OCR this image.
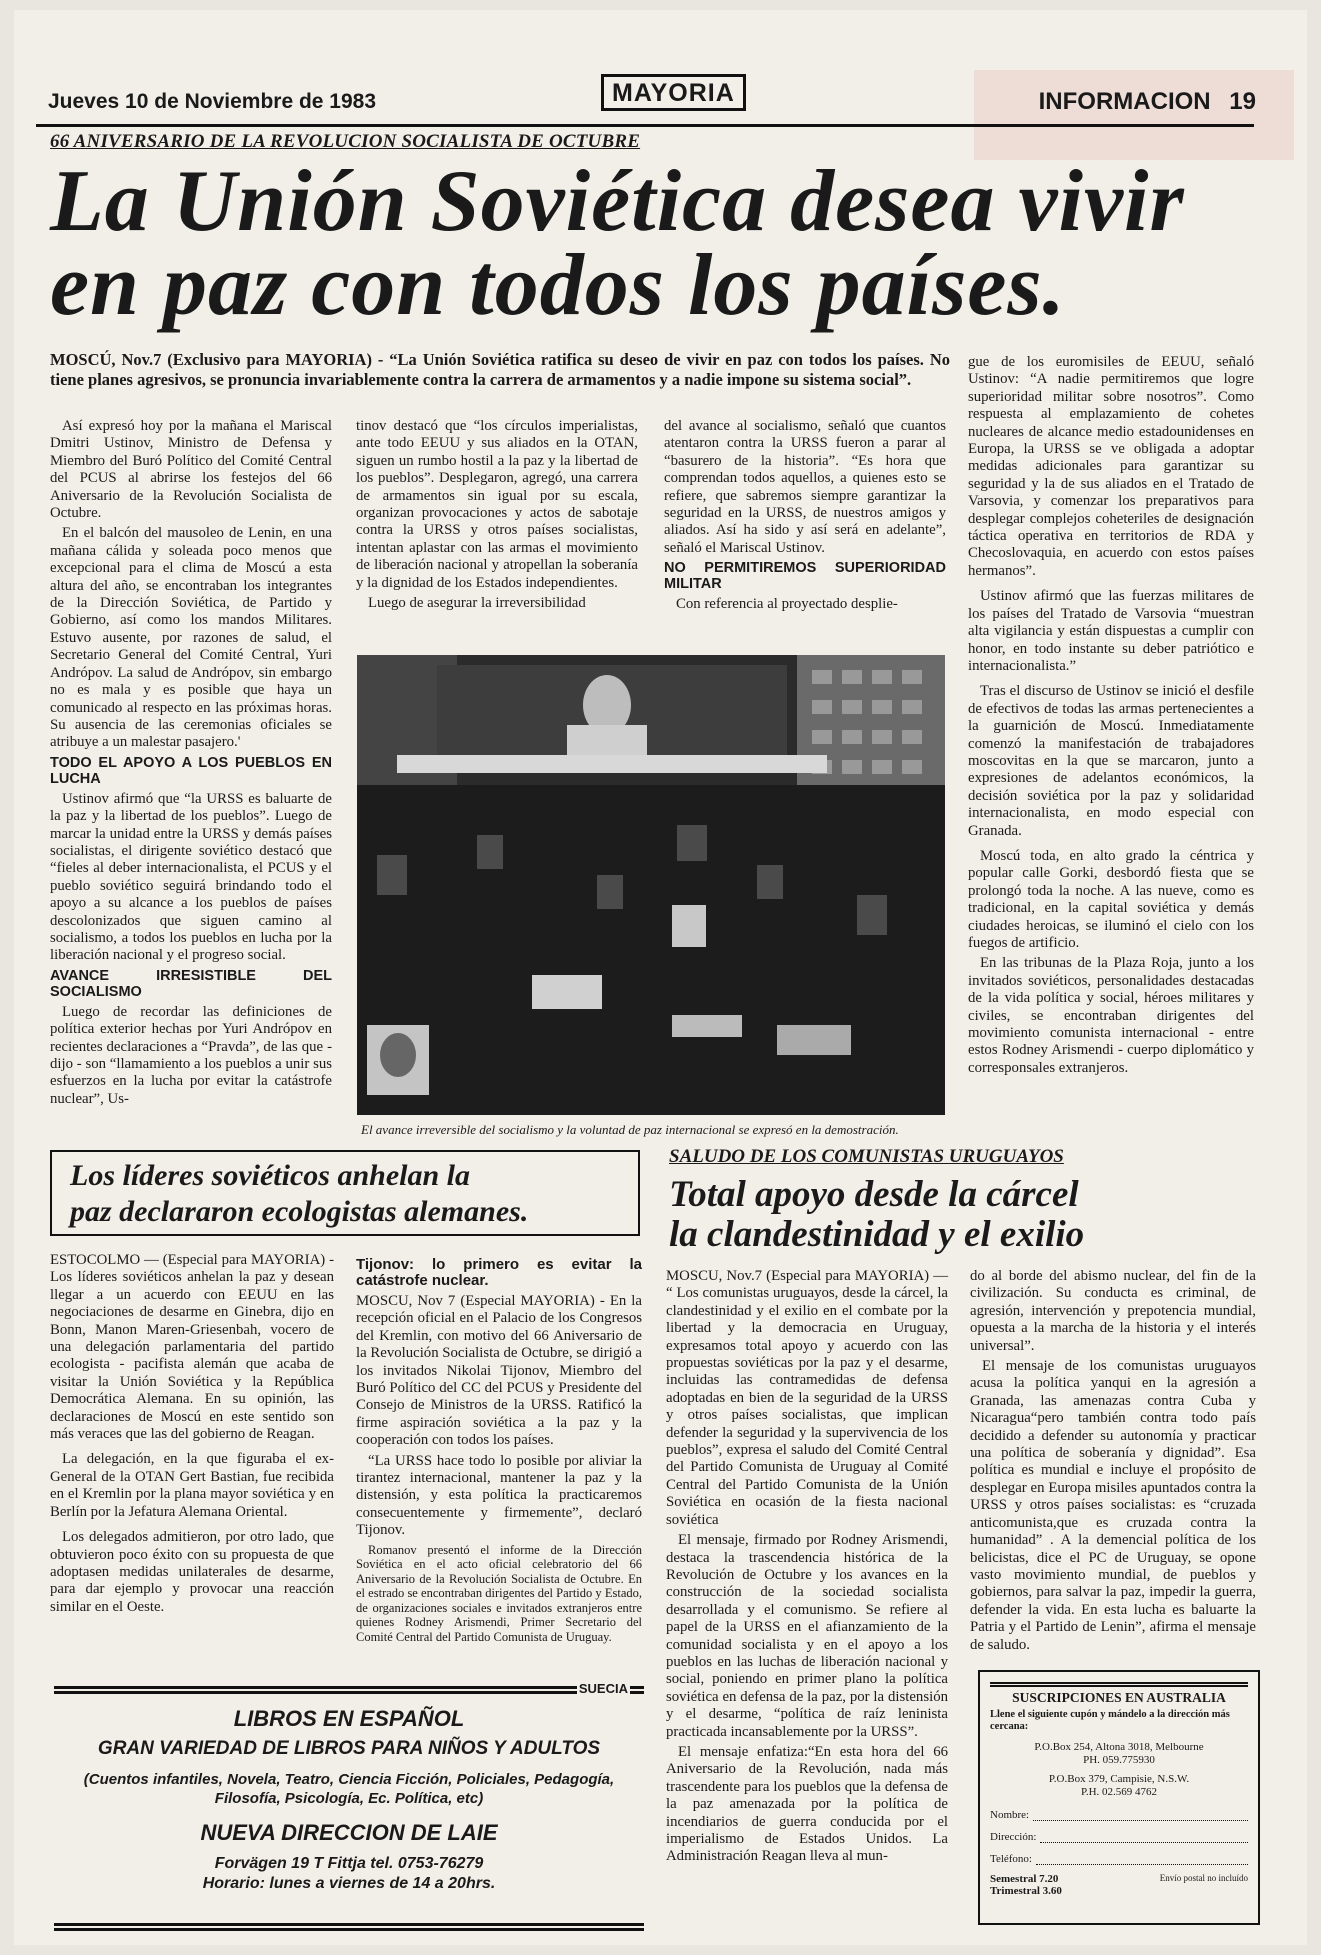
Jueves 10 de Noviembre de 1983	MAYORIA	INFORMACION 19
66 ANIVERSARIO DE LA REVOLUCION SOCIALISTA DE OCTUBRE
La Unión Soviética desea vivir
en paz con todos los países.
MOSCÚ, Nov.7 (Exclusivo para MAYORIA) - “La Unión Soviética ratifica su deseo de vivir en paz con todos los países. No tiene planes agresivos, se pronuncia invariablemente contra la carrera de armamentos y a nadie impone su sistema social”.

Así expresó hoy por la mañana el Mariscal Dmitri Ustinov, Ministro de Defensa y Miembro del Buró Político del Comité Central del PCUS al abrirse los festejos del 66 Aniversario de la Revolución Socialista de Octubre.

En el balcón del mausoleo de Lenin, en una mañana cálida y soleada poco menos que excepcional para el clima de Moscú a esta altura del año, se encontraban los integrantes de la Dirección Soviética, de Partido y Gobierno, así como los mandos Militares. Estuvo ausente, por razones de salud, el Secretario General del Comité Central, Yuri Andrópov. La salud de Andrópov, sin embargo no es mala y es posible que haya un comunicado al respecto en las próximas horas. Su ausencia de las ceremonias oficiales se atribuye a un malestar pasajero.'

TODO EL APOYO A LOS PUEBLOS EN LUCHA

Ustinov afirmó que “la URSS es baluarte de la paz y la libertad de los pueblos”. Luego de marcar la unidad entre la URSS y demás países socialistas, el dirigente soviético destacó que “fieles al deber internacionalista, el PCUS y el pueblo soviético seguirá brindando todo el apoyo a su alcance a los pueblos de países descolonizados que siguen camino al socialismo, a todos los pueblos en lucha por la liberación nacional y el progreso social.

AVANCE IRRESISTIBLE DEL SOCIALISMO

Luego de recordar las definiciones de política exterior hechas por Yuri Andrópov en recientes declaraciones a “Pravda”, de las que - dijo - son “llamamiento a los pueblos a unir sus esfuerzos en la lucha por evitar la catástrofe nuclear”, Us-

tinov destacó que “los círculos imperialistas, ante todo EEUU y sus aliados en la OTAN, siguen un rumbo hostil a la paz y la libertad de los pueblos”. Desplegaron, agregó, una carrera de armamentos sin igual por su escala, organizan provocaciones y actos de sabotaje contra la URSS y otros países socialistas, intentan aplastar con las armas el movimiento de liberación nacional y atropellan la soberanía y la dignidad de los Estados independientes.

Luego de asegurar la irreversibilidad

del avance al socialismo, señaló que cuantos atentaron contra la URSS fueron a parar al “basurero de la historia”. “Es hora que comprendan todos aquellos, a quienes esto se refiere, que sabremos siempre garantizar la seguridad en la URSS, de nuestros amigos y aliados. Así ha sido y así será en adelante”, señaló el Mariscal Ustinov.

NO PERMITIREMOS SUPERIORIDAD MILITAR

Con referencia al proyectado desplie-

gue de los euromisiles de EEUU, señaló Ustinov: “A nadie permitiremos que logre superioridad militar sobre nosotros”. Como respuesta al emplazamiento de cohetes nucleares de alcance medio estadounidenses en Europa, la URSS se ve obligada a adoptar medidas adicionales para garantizar su seguridad y la de sus aliados en el Tratado de Varsovia, y comenzar los preparativos para desplegar complejos coheteriles de designación táctica operativa en territorios de RDA y Checoslovaquia, en acuerdo con estos países hermanos”.

Ustinov afirmó que las fuerzas militares de los países del Tratado de Varsovia “muestran alta vigilancia y están dispuestas a cumplir con honor, en todo instante su deber patriótico e internacionalista.”

Tras el discurso de Ustinov se inició el desfile de efectivos de todas las armas pertenecientes a la guarnición de Moscú. Inmediatamente comenzó la manifestación de trabajadores moscovitas en la que se marcaron, junto a expresiones de adelantos económicos, la decisión soviética por la paz y solidaridad internacionalista, en modo especial con Granada.

Moscú toda, en alto grado la céntrica y popular calle Gorki, desbordó fiesta que se prolongó toda la noche. A las nueve, como es tradicional, en la capital soviética y demás ciudades heroicas, se iluminó el cielo con los fuegos de artificio.

En las tribunas de la Plaza Roja, junto a los invitados soviéticos, personalidades destacadas de la vida política y social, héroes militares y civiles, se encontraban dirigentes del movimiento comunista internacional - entre estos Rodney Arismendi - cuerpo diplomático y corresponsales extranjeros.

El avance irreversible del socialismo y la voluntad de paz internacional se expresó en la demostración.
Los líderes soviéticos anhelan la
paz declararon ecologistas alemanes.

ESTOCOLMO — (Especial para MAYORIA) - Los líderes soviéticos anhelan la paz y desean llegar a un acuerdo con EEUU en las negociaciones de desarme en Ginebra, dijo en Bonn, Manon Maren-Griesenbah, vocero de una delegación parlamentaria del partido ecologista - pacifista alemán que acaba de visitar la Unión Soviética y la República Democrática Alemana. En su opinión, las declaraciones de Moscú en este sentido son más veraces que las del gobierno de Reagan.

La delegación, en la que figuraba el ex-General de la OTAN Gert Bastian, fue recibida en el Kremlin por la plana mayor soviética y en Berlín por la Jefatura Alemana Oriental.

Los delegados admitieron, por otro lado, que obtuvieron poco éxito con su propuesta de que adoptasen medidas unilaterales de desarme, para dar ejemplo y provocar una reacción similar en el Oeste.

Tijonov: lo primero es evitar la catástrofe nuclear.

MOSCU, Nov 7 (Especial MAYORIA) - En la recepción oficial en el Palacio de los Congresos del Kremlin, con motivo del 66 Aniversario de la Revolución Socialista de Octubre, se dirigió a los invitados Nikolai Tijonov, Miembro del Buró Político del CC del PCUS y Presidente del Consejo de Ministros de la URSS. Ratificó la firme aspiración soviética a la paz y la cooperación con todos los países.

“La URSS hace todo lo posible por aliviar la tirantez internacional, mantener la paz y la distensión, y esta política la practicaremos consecuentemente y firmemente”, declaró Tijonov.

Romanov presentó el informe de la Dirección Soviética en el acto oficial celebratorio del 66 Aniversario de la Revolución Socialista de Octubre. En el estrado se encontraban dirigentes del Partido y Estado, de organizaciones sociales e invitados extranjeros entre quienes Rodney Arismendi, Primer Secretario del Comité Central del Partido Comunista de Uruguay.

SALUDO DE LOS COMUNISTAS URUGUAYOS
Total apoyo desde la cárcel
la clandestinidad y el exilio

MOSCU, Nov.7 (Especial para MAYORIA) — “ Los comunistas uruguayos, desde la cárcel, la clandestinidad y el exilio en el combate por la libertad y la democracia en Uruguay, expresamos total apoyo y acuerdo con las propuestas soviéticas por la paz y el desarme, incluidas las contramedidas de defensa adoptadas en bien de la seguridad de la URSS y otros países socialistas, que implican defender la seguridad y la supervivencia de los pueblos”, expresa el saludo del Comité Central del Partido Comunista de Uruguay al Comité Central del Partido Comunista de la Unión Soviética en ocasión de la fiesta nacional soviética

El mensaje, firmado por Rodney Arismendi, destaca la trascendencia histórica de la Revolución de Octubre y los avances en la construcción de la sociedad socialista desarrollada y el comunismo. Se refiere al papel de la URSS en el afianzamiento de la comunidad socialista y en el apoyo a los pueblos en las luchas de liberación nacional y social, poniendo en primer plano la política soviética en defensa de la paz, por la distensión y el desarme, “política de raíz leninista practicada incansablemente por la URSS”.

El mensaje enfatiza:“En esta hora del 66 Aniversario de la Revolución, nada más trascendente para los pueblos que la defensa de la paz amenazada por la política de incendiarios de guerra conducida por el imperialismo de Estados Unidos. La Administración Reagan lleva al mun-

do al borde del abismo nuclear, del fin de la civilización. Su conducta es criminal, de agresión, intervención y prepotencia mundial, opuesta a la marcha de la historia y el interés universal”.

El mensaje de los comunistas uruguayos acusa la política yanqui en la agresión a Granada, las amenazas contra Cuba y Nicaragua“pero también contra todo país decidido a defender su autonomía y practicar una política de soberanía y dignidad”. Esa política es mundial e incluye el propósito de desplegar en Europa misiles apuntados contra la URSS y otros países socialistas: es “cruzada anticomunista,que es cruzada contra la humanidad” . A la demencial política de los belicistas, dice el PC de Uruguay, se opone vasto movimiento mundial, de pueblos y gobiernos, para salvar la paz, impedir la guerra, defender la vida. En esta lucha es baluarte la Patria y el Partido de Lenin”, afirma el mensaje de saludo.

SUECIA
LIBROS EN ESPAÑOL
GRAN VARIEDAD DE LIBROS PARA NIÑOS Y ADULTOS
(Cuentos infantiles, Novela, Teatro, Ciencia Ficción, Policiales, Pedagogía, Filosofía, Psicología, Ec. Política, etc)
NUEVA DIRECCION DE LAIE
Forvägen 19 T Fittja tel. 0753-76279
Horario: lunes a viernes de 14 a 20hrs.
SUSCRIPCIONES EN AUSTRALIA
Llene el siguiente cupón y mándelo a la dirección más cercana:
P.O.Box 254, Altona 3018, Melbourne
PH. 059.775930
P.O.Box 379, Campisie, N.S.W.
P.H. 02.569 4762
Nombre:
Dirección:
Teléfono:
Semestral 7.20
Trimestral 3.60
Envío postal no incluído
